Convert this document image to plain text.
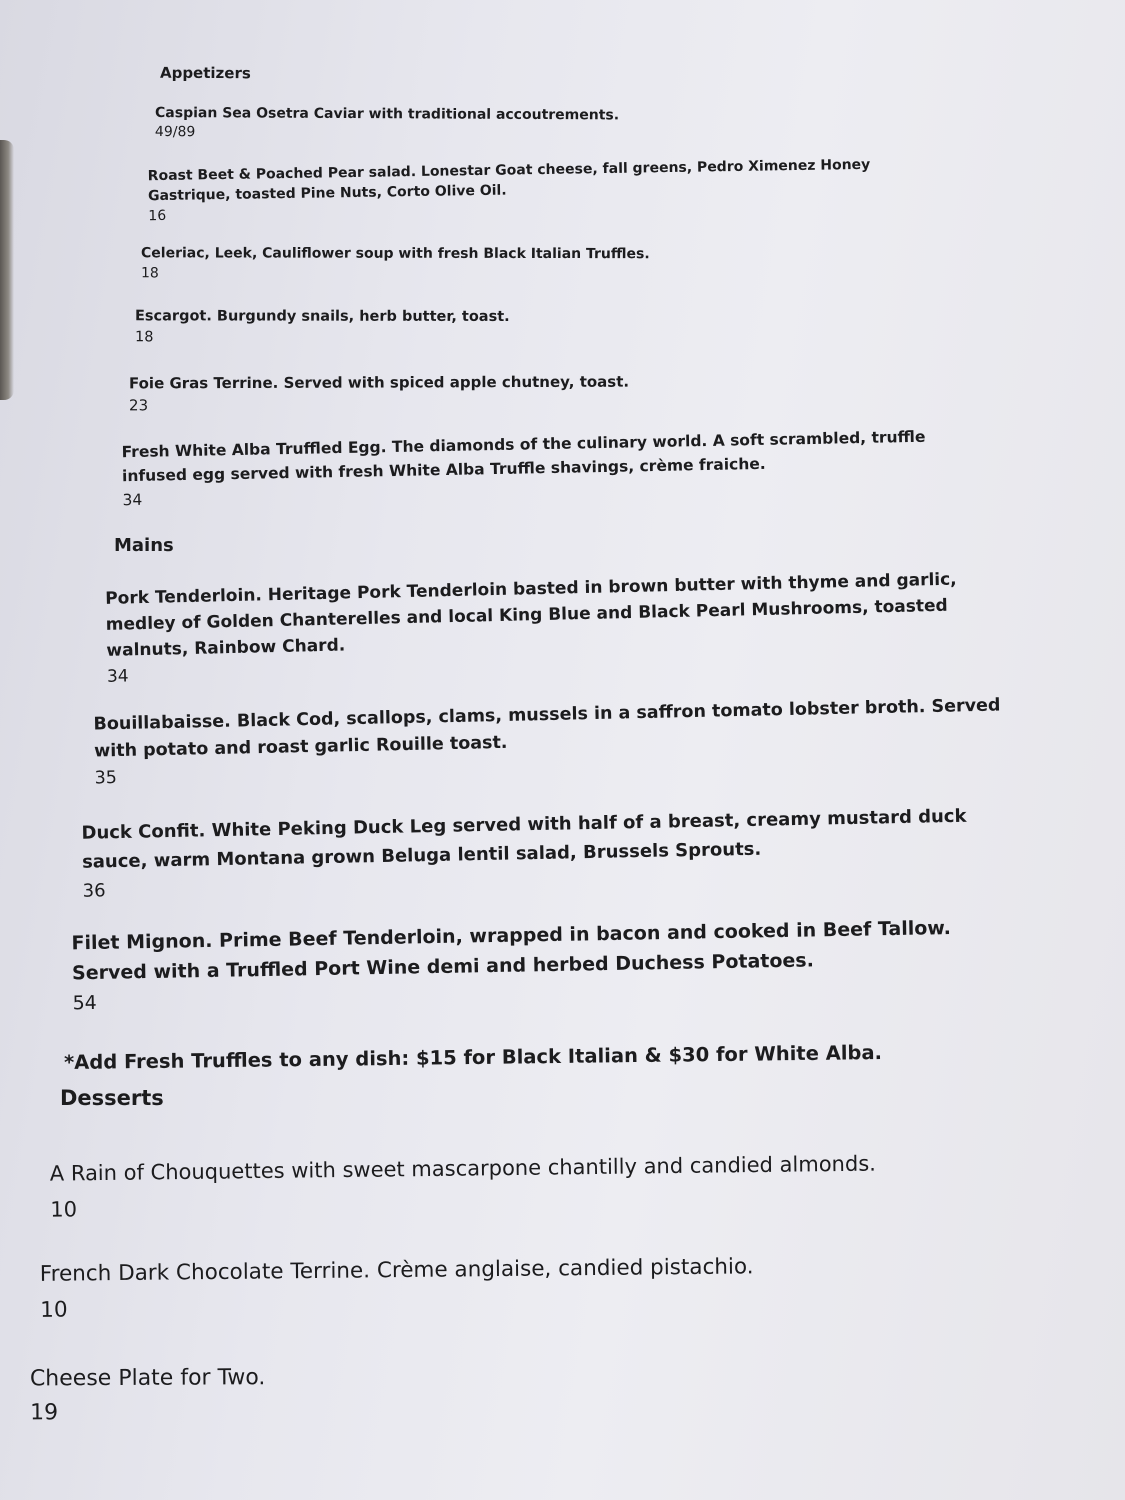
Appetizers
Caspian Sea Osetra Caviar with traditional accoutrements.
49/89
Roast Beet & Poached Pear salad. Lonestar Goat cheese, fall greens, Pedro Ximenez Honey Gastrique, toasted Pine Nuts, Corto Olive Oil.
16
Celeriac, Leek, Cauliflower soup with fresh Black Italian Truffles.
18
Escargot. Burgundy snails, herb butter, toast.
18
Foie Gras Terrine. Served with spiced apple chutney, toast.
23
Fresh White Alba Truffled Egg. The diamonds of the culinary world. A soft scrambled, truffle infused egg served with fresh White Alba Truffle shavings, crème fraiche.
34
Mains
Pork Tenderloin. Heritage Pork Tenderloin basted in brown butter with thyme and garlic, medley of Golden Chanterelles and local King Blue and Black Pearl Mushrooms, toasted walnuts, Rainbow Chard.
34
Bouillabaisse. Black Cod, scallops, clams, mussels in a saffron tomato lobster broth. Served with potato and roast garlic Rouille toast.
35
Duck Confit. White Peking Duck Leg served with half of a breast, creamy mustard duck sauce, warm Montana grown Beluga lentil salad, Brussels Sprouts.
36
Filet Mignon. Prime Beef Tenderloin, wrapped in bacon and cooked in Beef Tallow. Served with a Truffled Port Wine demi and herbed Duchess Potatoes.
54

*Add Fresh Truffles to any dish: $15 for Black Italian & $30 for White Alba.

Desserts
A Rain of Chouquettes with sweet mascarpone chantilly and candied almonds.
10
French Dark Chocolate Terrine. Crème anglaise, candied pistachio.
10
Cheese Plate for Two.
19
